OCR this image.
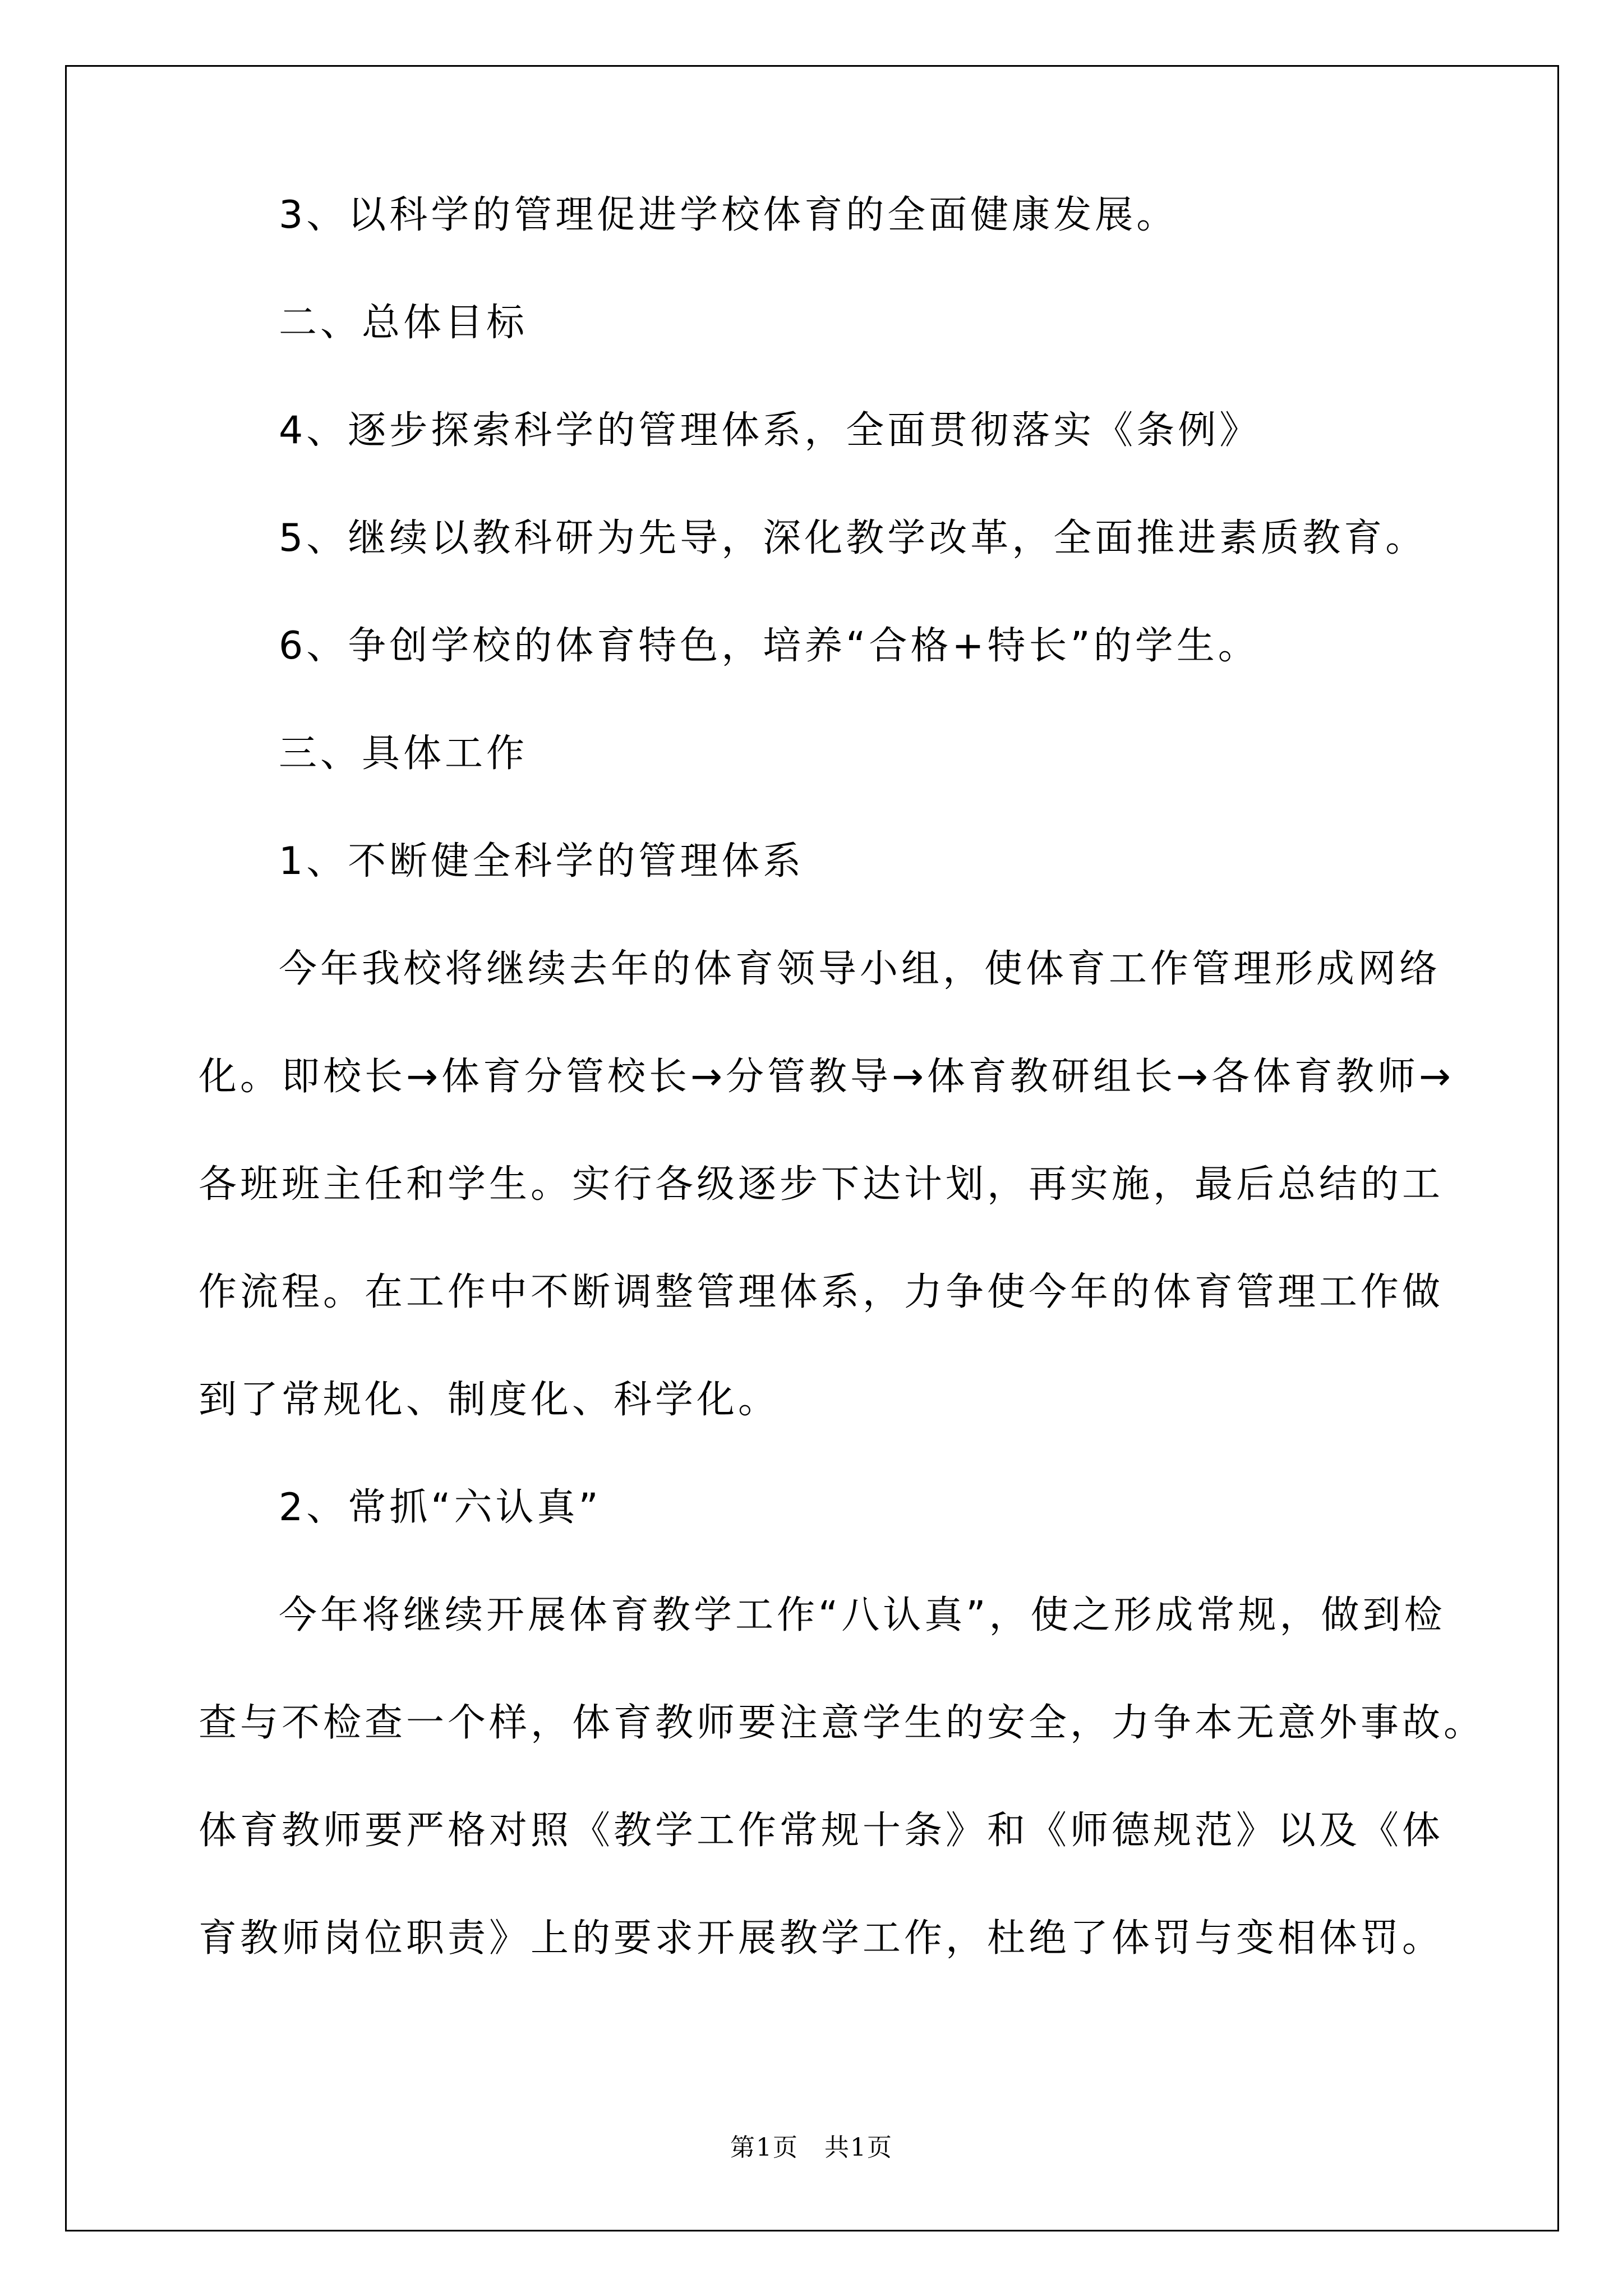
3、以科学的管理促进学校体育的全面健康发展。
二、总体目标
4、逐步探索科学的管理体系，全面贯彻落实《条例》
5、继续以教科研为先导，深化教学改革，全面推进素质教育。
6、争创学校的体育特色，培养“合格+特长”的学生。
三、具体工作
1、不断健全科学的管理体系
今年我校将继续去年的体育领导小组，使体育工作管理形成网络
化。即校长→体育分管校长→分管教导→体育教研组长→各体育教师→
各班班主任和学生。实行各级逐步下达计划，再实施，最后总结的工
作流程。在工作中不断调整管理体系，力争使今年的体育管理工作做
到了常规化、制度化、科学化。
2、常抓“六认真”
今年将继续开展体育教学工作“八认真”，使之形成常规，做到检
查与不检查一个样，体育教师要注意学生的安全，力争本无意外事故。
体育教师要严格对照《教学工作常规十条》和《师德规范》以及《体
育教师岗位职责》上的要求开展教学工作，杜绝了体罚与变相体罚。
第1页　共1页
